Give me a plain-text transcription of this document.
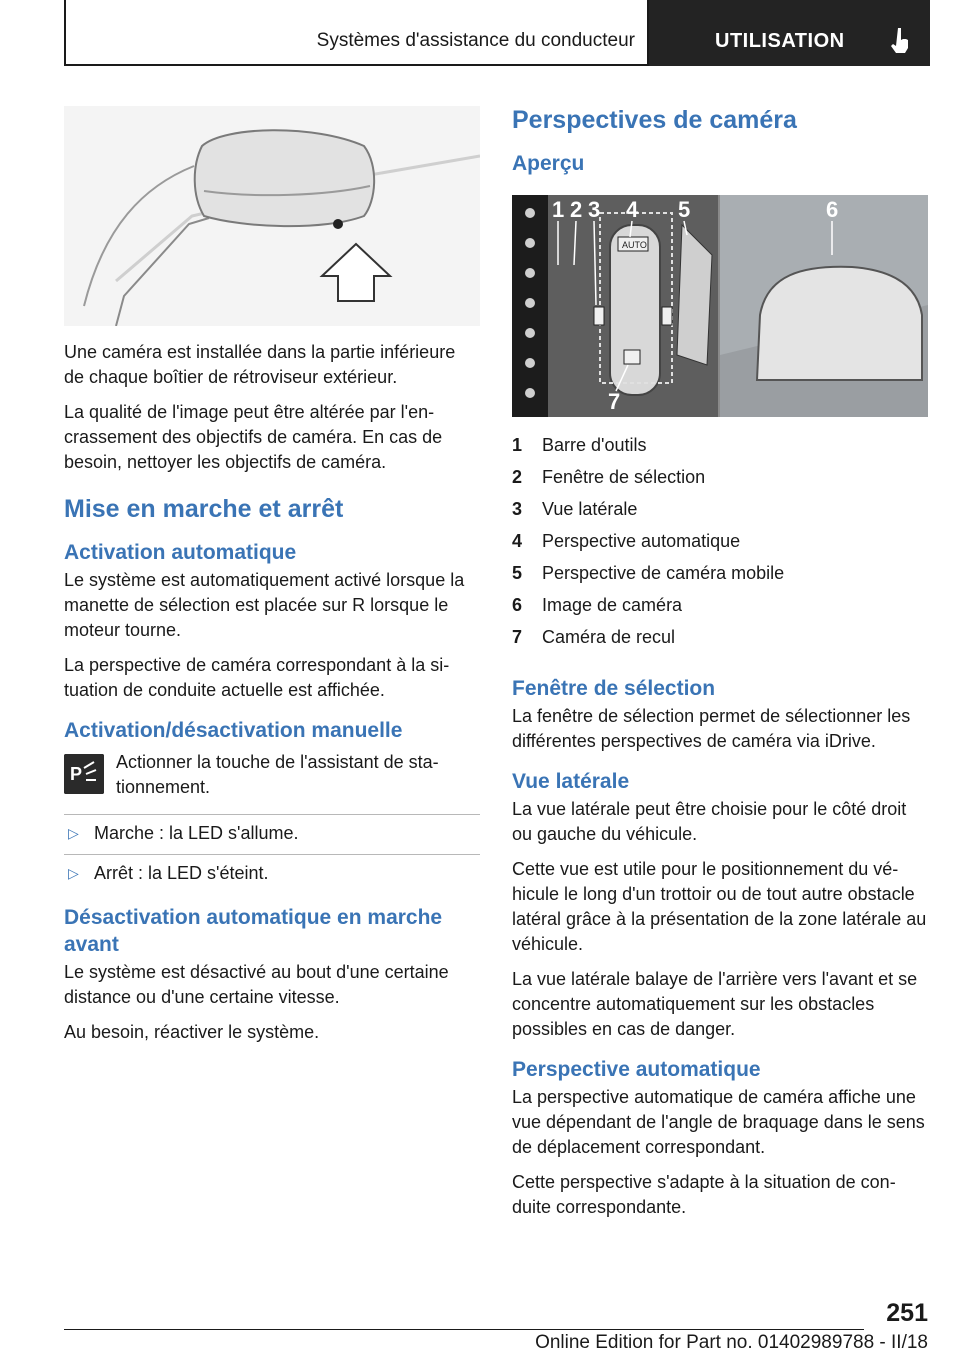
Systèmes d'assistance du conducteur	UTILISATION

Une caméra est installée dans la partie inférieure de chaque boîtier de rétroviseur extérieur.

La qualité de l'image peut être altérée par l'encrassement des objectifs de caméra. En cas de besoin, nettoyer les objectifs de caméra.

Mise en marche et arrêt
Activation automatique

Le système est automatiquement activé lorsque la manette de sélection est placée sur R lorsque le moteur tourne.

La perspective de caméra correspondant à la situation de conduite actuelle est affichée.

Activation/désactivation manuelle
P

Actionner la touche de l'assistant de stationnement.

▷ Marche : la LED s'allume.
▷ Arrêt : la LED s'éteint.
Désactivation automatique en marche avant

Le système est désactivé au bout d'une certaine distance ou d'une certaine vitesse.

Au besoin, réactiver le système.

Perspectives de caméra
Aperçu
AUTO
1 2 3 4 5	6
7
1	Barre d'outils
2	Fenêtre de sélection
3	Vue latérale
4	Perspective automatique
5	Perspective de caméra mobile
6	Image de caméra
7	Caméra de recul
Fenêtre de sélection

La fenêtre de sélection permet de sélectionner les différentes perspectives de caméra via iDrive.

Vue latérale

La vue latérale peut être choisie pour le côté droit ou gauche du véhicule.

Cette vue est utile pour le positionnement du véhicule le long d'un trottoir ou de tout autre obstacle latéral grâce à la présentation de la zone latérale au véhicule.

La vue latérale balaye de l'arrière vers l'avant et se concentre automatiquement sur les obstacles possibles en cas de danger.

Perspective automatique

La perspective automatique de caméra affiche une vue dépendant de l'angle de braquage dans le sens de déplacement correspondant.

Cette perspective s'adapte à la situation de conduite correspondante.

251
Online Edition for Part no. 01402989788 - II/18
